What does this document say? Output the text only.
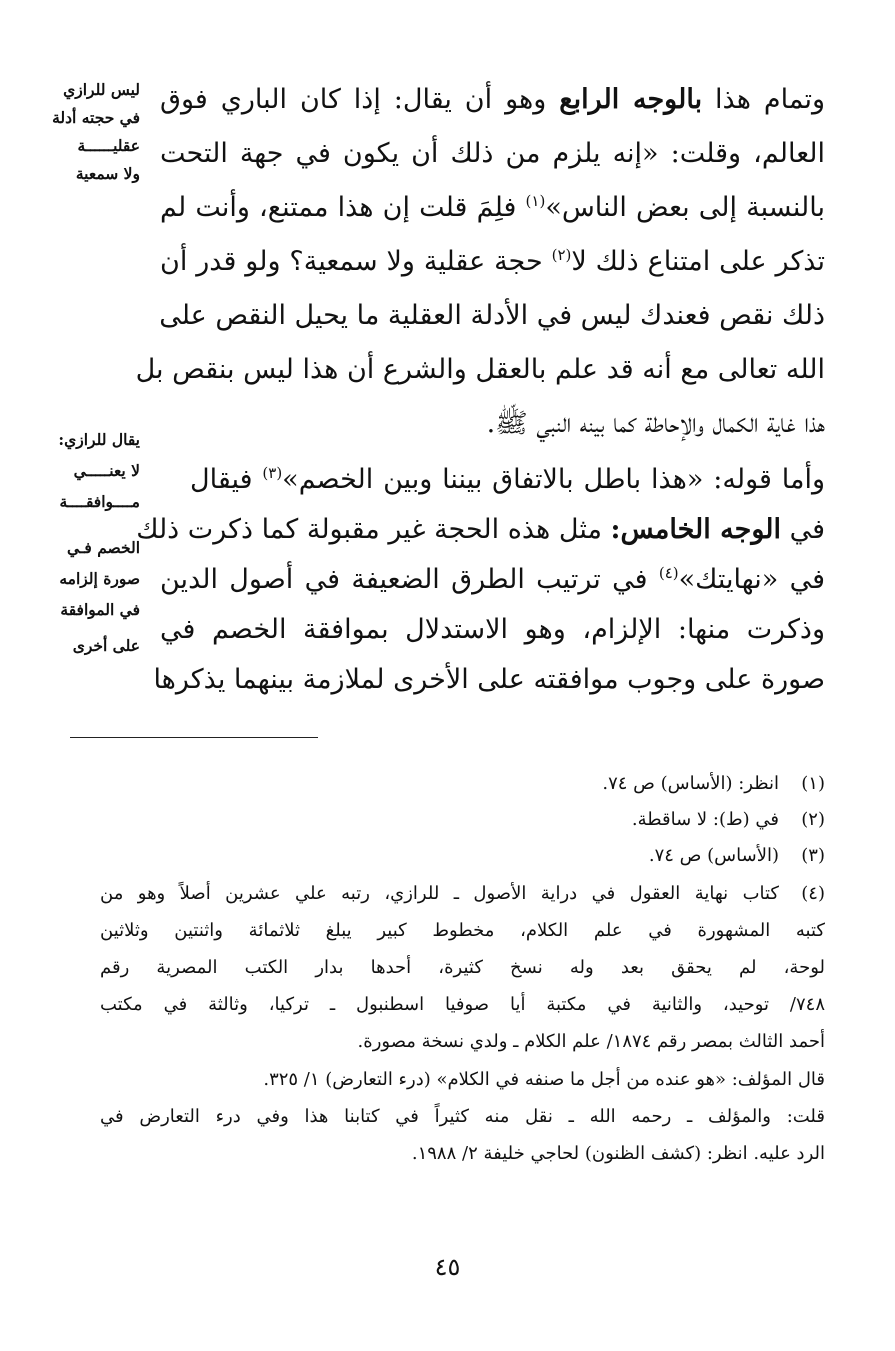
ليس للرازي
في حجته أدلة
عقليــــــة
ولا سمعية
يقال للرازي:
لا يعنـــــي
مــــوافقــــة
الخصم فـي
صورة إلزامه
في الموافقة
على أخرى
وتمام هذا بالوجه الرابع وهو أن يقال: إذا كان الباري فوق
العالم، وقلت: «إنه يلزم من ذلك أن يكون في جهة التحت
بالنسبة إلى بعض الناس»$^{(١)}$ فلِمَ قلت إن هذا ممتنع، وأنت لم
تذكر على امتناع ذلك لا$^{(٢)}$ حجة عقلية ولا سمعية؟ ولو قدر أن
ذلك نقص فعندك ليس في الأدلة العقلية ما يحيل النقص على
الله تعالى مع أنه قد علم بالعقل والشرع أن هذا ليس بنقص بل
هذا غاية الكمال والإحاطة كما بينه النبي ﷺ.
وأما قوله: «هذا باطل بالاتفاق بيننا وبين الخصم»$^{(٣)}$ فيقال
في الوجه الخامس: مثل هذه الحجة غير مقبولة كما ذكرت ذلك
في «نهايتك»$^{(٤)}$ في ترتيب الطرق الضعيفة في أصول الدين
وذكرت منها: الإلزام، وهو الاستدلال بموافقة الخصم في
صورة على وجوب موافقته على الأخرى لملازمة بينهما يذكرها
(١)انظر: (الأساس) ص ٧٤.
(٢)في (ط): لا ساقطة.
(٣)(الأساس) ص ٧٤.
(٤)كتاب نهاية العقول في دراية الأصول ـ للرازي، رتبه علي عشرين أصلاً وهو من
كتبه المشهورة في علم الكلام، مخطوط كبير يبلغ ثلاثمائة واثنتين وثلاثين
لوحة، لم يحقق بعد وله نسخ كثيرة، أحدها بدار الكتب المصرية رقم
٧٤٨/ توحيد، والثانية في مكتبة أيا صوفيا اسطنبول ـ تركيا، وثالثة في مكتب
أحمد الثالث بمصر رقم ١٨٧٤/ علم الكلام ـ ولدي نسخة مصورة.
قال المؤلف: «هو عنده من أجل ما صنفه في الكلام» (درء التعارض) ١/ ٣٢٥.
قلت: والمؤلف ـ رحمه الله ـ نقل منه كثيراً في كتابنا هذا وفي درء التعارض في
الرد عليه. انظر: (كشف الظنون) لحاجي خليفة ٢/ ١٩٨٨.
٤٥
